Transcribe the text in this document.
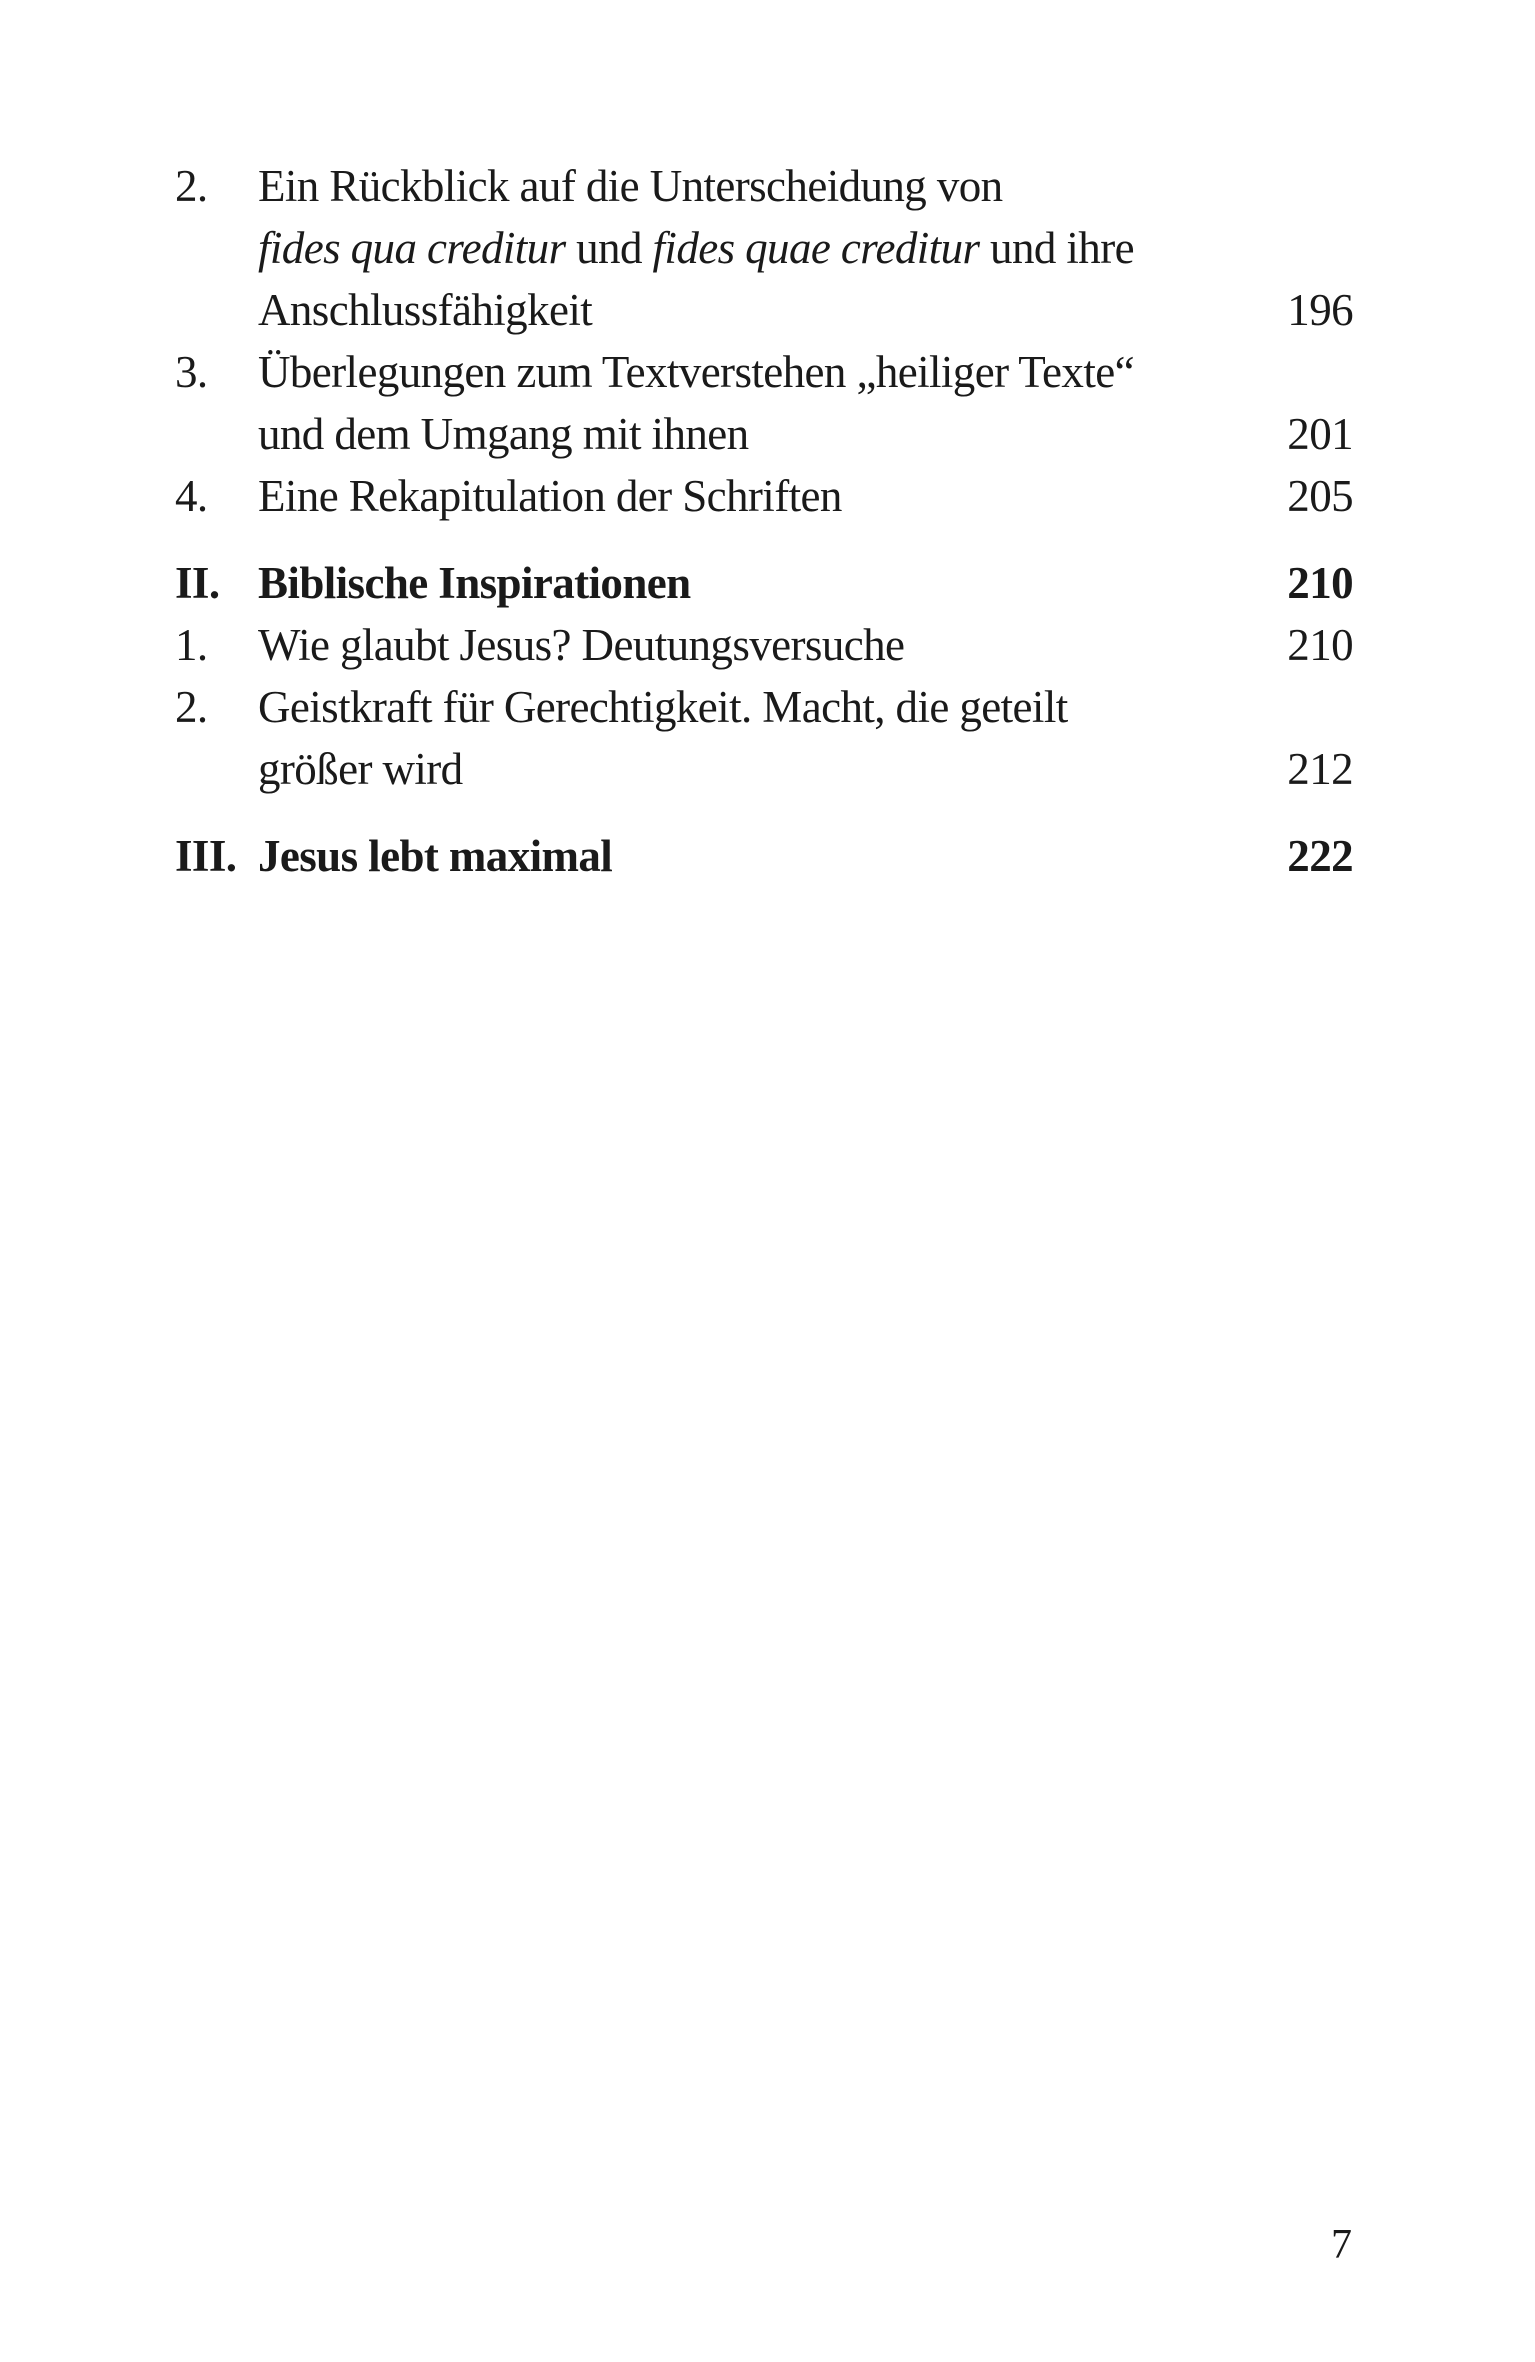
2.	Ein Rückblick auf die Unterscheidung von
fides qua creditur und fides quae creditur und ihre
Anschlussfähigkeit	196
3.	Überlegungen zum Textverstehen „heiliger Texte“
und dem Umgang mit ihnen	201
4.	Eine Rekapitulation der Schriften	205
II. Biblische Inspirationen	210
1.	Wie glaubt Jesus? Deutungsversuche	210
2.	Geistkraft für Gerechtigkeit. Macht, die geteilt
größer wird	212
III. Jesus lebt maximal	222
7
